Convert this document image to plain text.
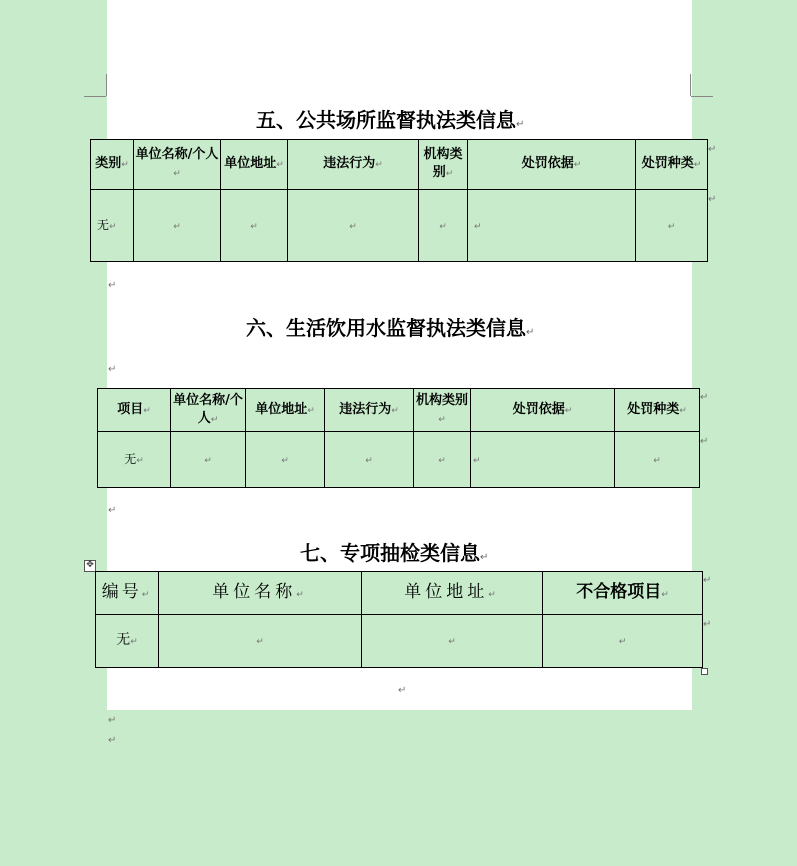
五、公共场所监督执法类信息↵
类别↵	单位名称/个人↵	单位地址↵	违法行为↵	机构类别↵	处罚依据↵	处罚种类↵
无↵	↵	↵	↵	↵	↵	↵
↵
↵
↵
六、生活饮用水监督执法类信息↵
↵
项目↵	单位名称/个人↵	单位地址↵	违法行为↵	机构类别↵	处罚依据↵	处罚种类↵
无↵	↵	↵	↵	↵	↵	↵
↵
↵
↵
七、专项抽检类信息↵
✥
编号↵	单位名称↵	单位地址↵	不合格项目↵
无↵	↵	↵	↵
↵
↵
↵
↵
↵
